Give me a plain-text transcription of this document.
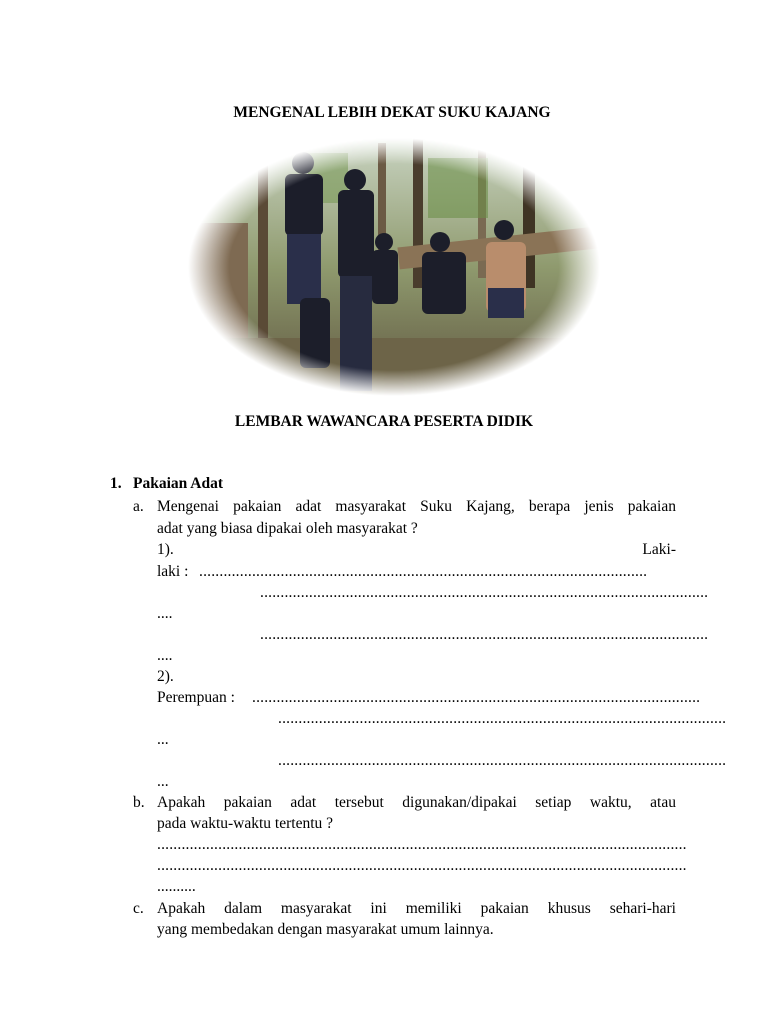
MENGENAL LEBIH DEKAT SUKU KAJANG
LEMBAR WAWANCARA PESERTA DIDIK
1. Pakaian Adat
a. Mengenai pakaian adat masyarakat Suku Kajang, berapa jenis pakaian
adat yang biasa dipakai oleh masyarakat ?
1).	Laki-
laki : ..............................................................................................................
..............................................................................................................
....
..............................................................................................................
....
2).
Perempuan : ..............................................................................................................
..............................................................................................................
...
..............................................................................................................
...
b. Apakah pakaian adat tersebut digunakan/dipakai setiap waktu, atau
pada waktu-waktu tertentu ?
..................................................................................................................................
..................................................................................................................................
..........
c. Apakah dalam masyarakat ini memiliki pakaian khusus sehari-hari
yang membedakan dengan masyarakat umum lainnya.
